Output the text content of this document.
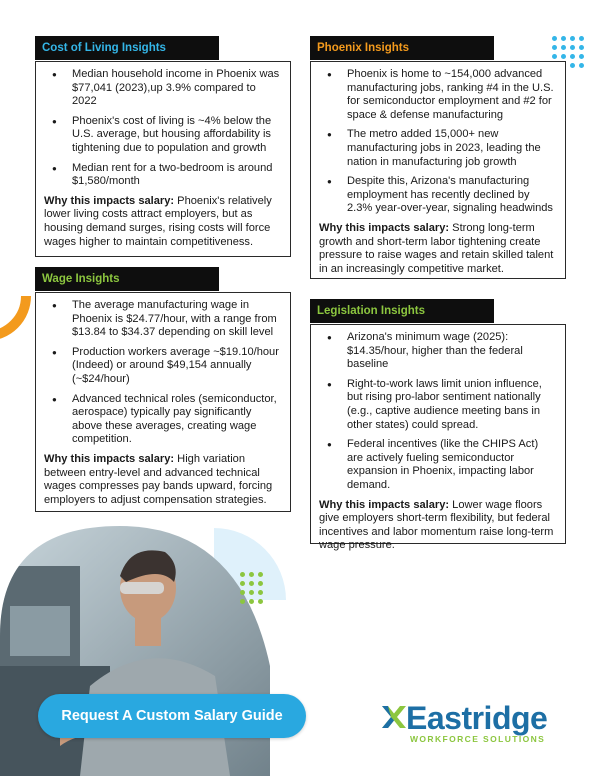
Cost of Living Insights
● Median household income in Phoenix was $77,041 (2023),up 3.9% compared to 2022
● Phoenix's cost of living is ~4% below the U.S. average, but housing affordability is tightening due to population and growth
● Median rent for a two-bedroom is around $1,580/month
Why this impacts salary: Phoenix's relatively lower living costs attract employers, but as housing demand surges, rising costs will force wages higher to maintain competitiveness.
Phoenix Insights
● Phoenix is home to ~154,000 advanced manufacturing jobs, ranking #4 in the U.S. for semiconductor employment and #2 for space & defense manufacturing
● The metro added 15,000+ new manufacturing jobs in 2023, leading the nation in manufacturing job growth
● Despite this, Arizona's manufacturing employment has recently declined by 2.3% year-over-year, signaling headwinds
Why this impacts salary: Strong long-term growth and short-term labor tightening create pressure to raise wages and retain skilled talent in an increasingly competitive market.
Wage Insights
● The average manufacturing wage in Phoenix is $24.77/hour, with a range from $13.84 to $34.37 depending on skill level
● Production workers average ~$19.10/hour (Indeed) or around $49,154 annually (~$24/hour)
● Advanced technical roles (semiconductor, aerospace) typically pay significantly above these averages, creating wage competition.
Why this impacts salary: High variation between entry-level and advanced technical wages compresses pay bands upward, forcing employers to adjust compensation strategies.
Legislation Insights
● Arizona's minimum wage (2025): $14.35/hour, higher than the federal baseline
● Right-to-work laws limit union influence, but rising pro-labor sentiment nationally (e.g., captive audience meeting bans in other states) could spread.
● Federal incentives (like the CHIPS Act) are actively fueling semiconductor expansion in Phoenix, impacting labor demand.
Why this impacts salary: Lower wage floors give employers short-term flexibility, but federal incentives and labor momentum raise long-term wage pressure.
Request A Custom Salary Guide	Eastridge
WORKFORCE SOLUTIONS
